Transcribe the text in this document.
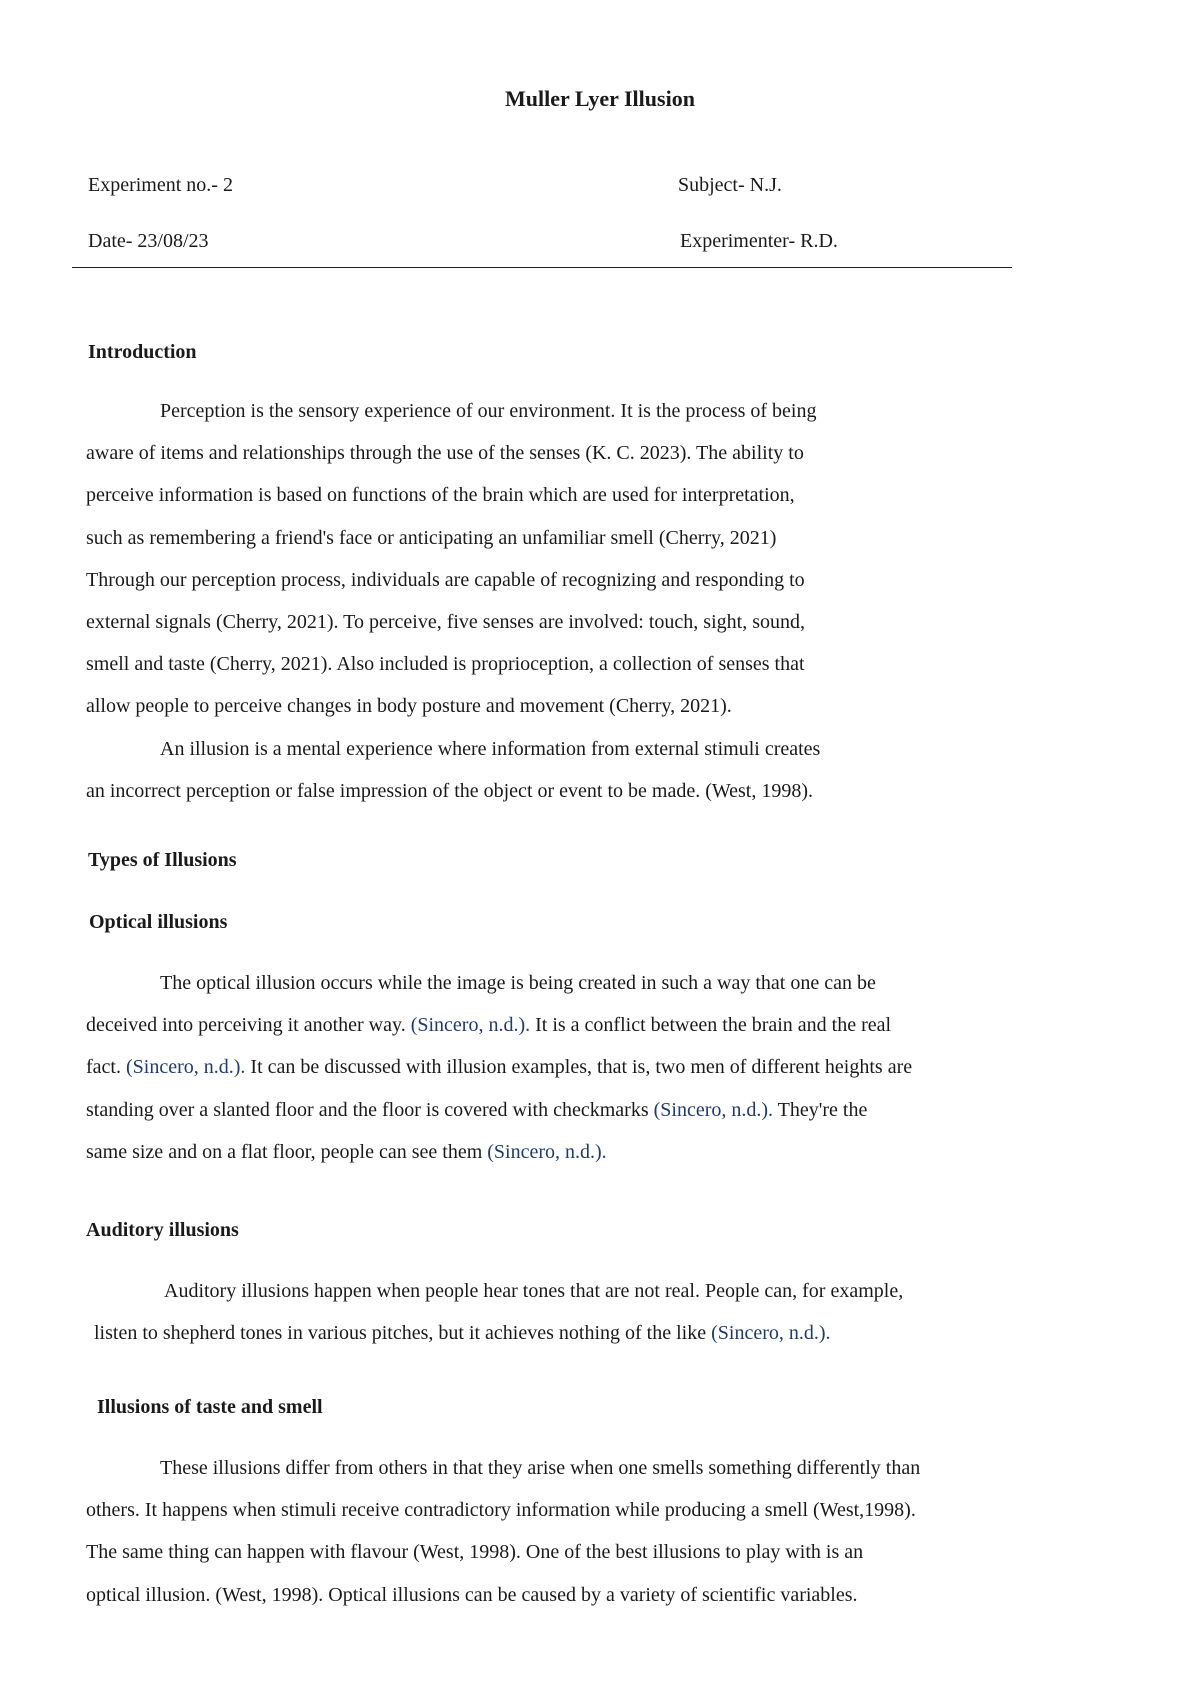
Muller Lyer Illusion
Experiment no.- 2	Subject- N.J.
Date- 23/08/23	Experimenter- R.D.
Introduction
Perception is the sensory experience of our environment. It is the process of being
aware of items and relationships through the use of the senses (K. C. 2023). The ability to
perceive information is based on functions of the brain which are used for interpretation,
such as remembering a friend's face or anticipating an unfamiliar smell (Cherry, 2021)
Through our perception process, individuals are capable of recognizing and responding to
external signals (Cherry, 2021). To perceive, five senses are involved: touch, sight, sound,
smell and taste (Cherry, 2021). Also included is proprioception, a collection of senses that
allow people to perceive changes in body posture and movement (Cherry, 2021).
An illusion is a mental experience where information from external stimuli creates
an incorrect perception or false impression of the object or event to be made. (West, 1998).
Types of Illusions
Optical illusions
The optical illusion occurs while the image is being created in such a way that one can be
deceived into perceiving it another way. (Sincero, n.d.). It is a conflict between the brain and the real
fact. (Sincero, n.d.). It can be discussed with illusion examples, that is, two men of different heights are
standing over a slanted floor and the floor is covered with checkmarks (Sincero, n.d.). They're the
same size and on a flat floor, people can see them (Sincero, n.d.).
Auditory illusions
Auditory illusions happen when people hear tones that are not real. People can, for example,
listen to shepherd tones in various pitches, but it achieves nothing of the like (Sincero, n.d.).
Illusions of taste and smell
These illusions differ from others in that they arise when one smells something differently than
others. It happens when stimuli receive contradictory information while producing a smell (West,1998).
The same thing can happen with flavour (West, 1998). One of the best illusions to play with is an
optical illusion. (West, 1998). Optical illusions can be caused by a variety of scientific variables.
